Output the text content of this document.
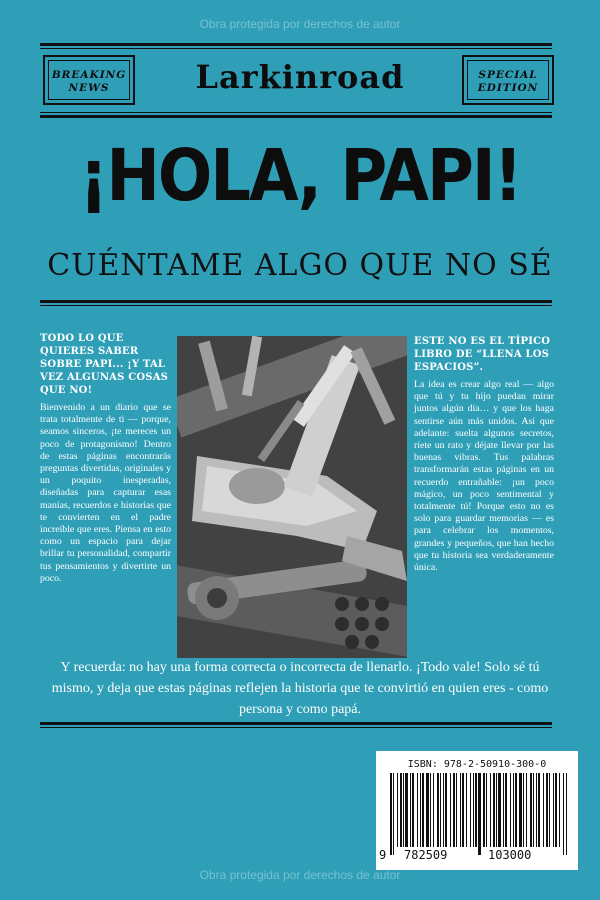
Obra protegida por derechos de autor
BREAKING
NEWS	Larkinroad	SPECIAL
EDITION
¡HOLA, PAPI!
CUÉNTAME ALGO QUE NO SÉ

TODO LO QUE QUIERES SABER SOBRE PAPI... ¡Y TAL VEZ ALGUNAS COSAS QUE NO!

Bienvenido a un diario que se trata totalmente de ti — porque, seamos sinceros, ¡te mereces un poco de protagonismo! Dentro de estas páginas encontrarás preguntas divertidas, originales y un poquito inesperadas, diseñadas para capturar esas manías, recuerdos e historias que te convierten en el padre increíble que eres. Piensa en esto como un espacio para dejar brillar tu personalidad, compartir tus pensamientos y divertirte un poco.

ESTE NO ES EL TÍPICO LIBRO DE “LLENA LOS ESPACIOS”.

La idea es crear algo real — algo que tú y tu hijo puedan mirar juntos algún día… y que los haga sentirse aún más unidos. Así que adelante: suelta algunos secretos, ríete un rato y déjate llevar por las buenas vibras. Tus palabras transformarán estas páginas en un recuerdo entrañable: ¡un poco mágico, un poco sentimental y totalmente tú! Porque esto no es solo para guardar memorias — es para celebrar los momentos, grandes y pequeños, que han hecho que tu historia sea verdaderamente única.

Y recuerda: no hay una forma correcta o incorrecta de llenarlo. ¡Todo vale! Solo sé tú mismo, y deja que estas páginas reflejen la historia que te convirtió en quien eres - como persona y como papá.
ISBN: 978-2-50910-300-0
9 782509	103000
Obra protegida por derechos de autor
